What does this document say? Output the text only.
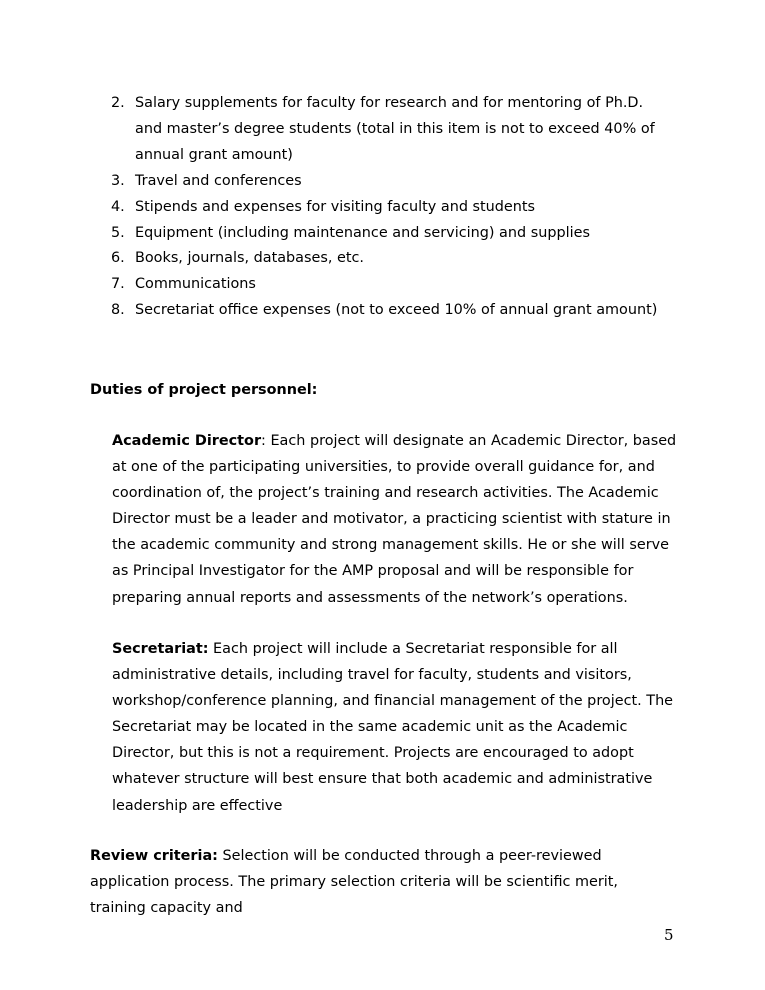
2. Salary supplements for faculty for research and for mentoring of Ph.D. and master’s degree students (total in this item is not to exceed 40% of annual grant amount)
3. Travel and conferences
4. Stipends and expenses for visiting faculty and students
5. Equipment (including maintenance and servicing) and supplies
6. Books, journals, databases, etc.
7. Communications
8. Secretariat office expenses (not to exceed 10% of annual grant amount)
Duties of project personnel:

Academic Director: Each project will designate an Academic Director, based at one of the participating universities, to provide overall guidance for, and coordination of, the project’s training and research activities. The Academic Director must be a leader and motivator, a practicing scientist with stature in the academic community and strong management skills. He or she will serve as Principal Investigator for the AMP proposal and will be responsible for preparing annual reports and assessments of the network’s operations.

Secretariat: Each project will include a Secretariat responsible for all administrative details, including travel for faculty, students and visitors, workshop/conference planning, and financial management of the project. The Secretariat may be located in the same academic unit as the Academic Director, but this is not a requirement. Projects are encouraged to adopt whatever structure will best ensure that both academic and administrative leadership are effective

Review criteria: Selection will be conducted through a peer-reviewed application process. The primary selection criteria will be scientific merit, training capacity and

5
